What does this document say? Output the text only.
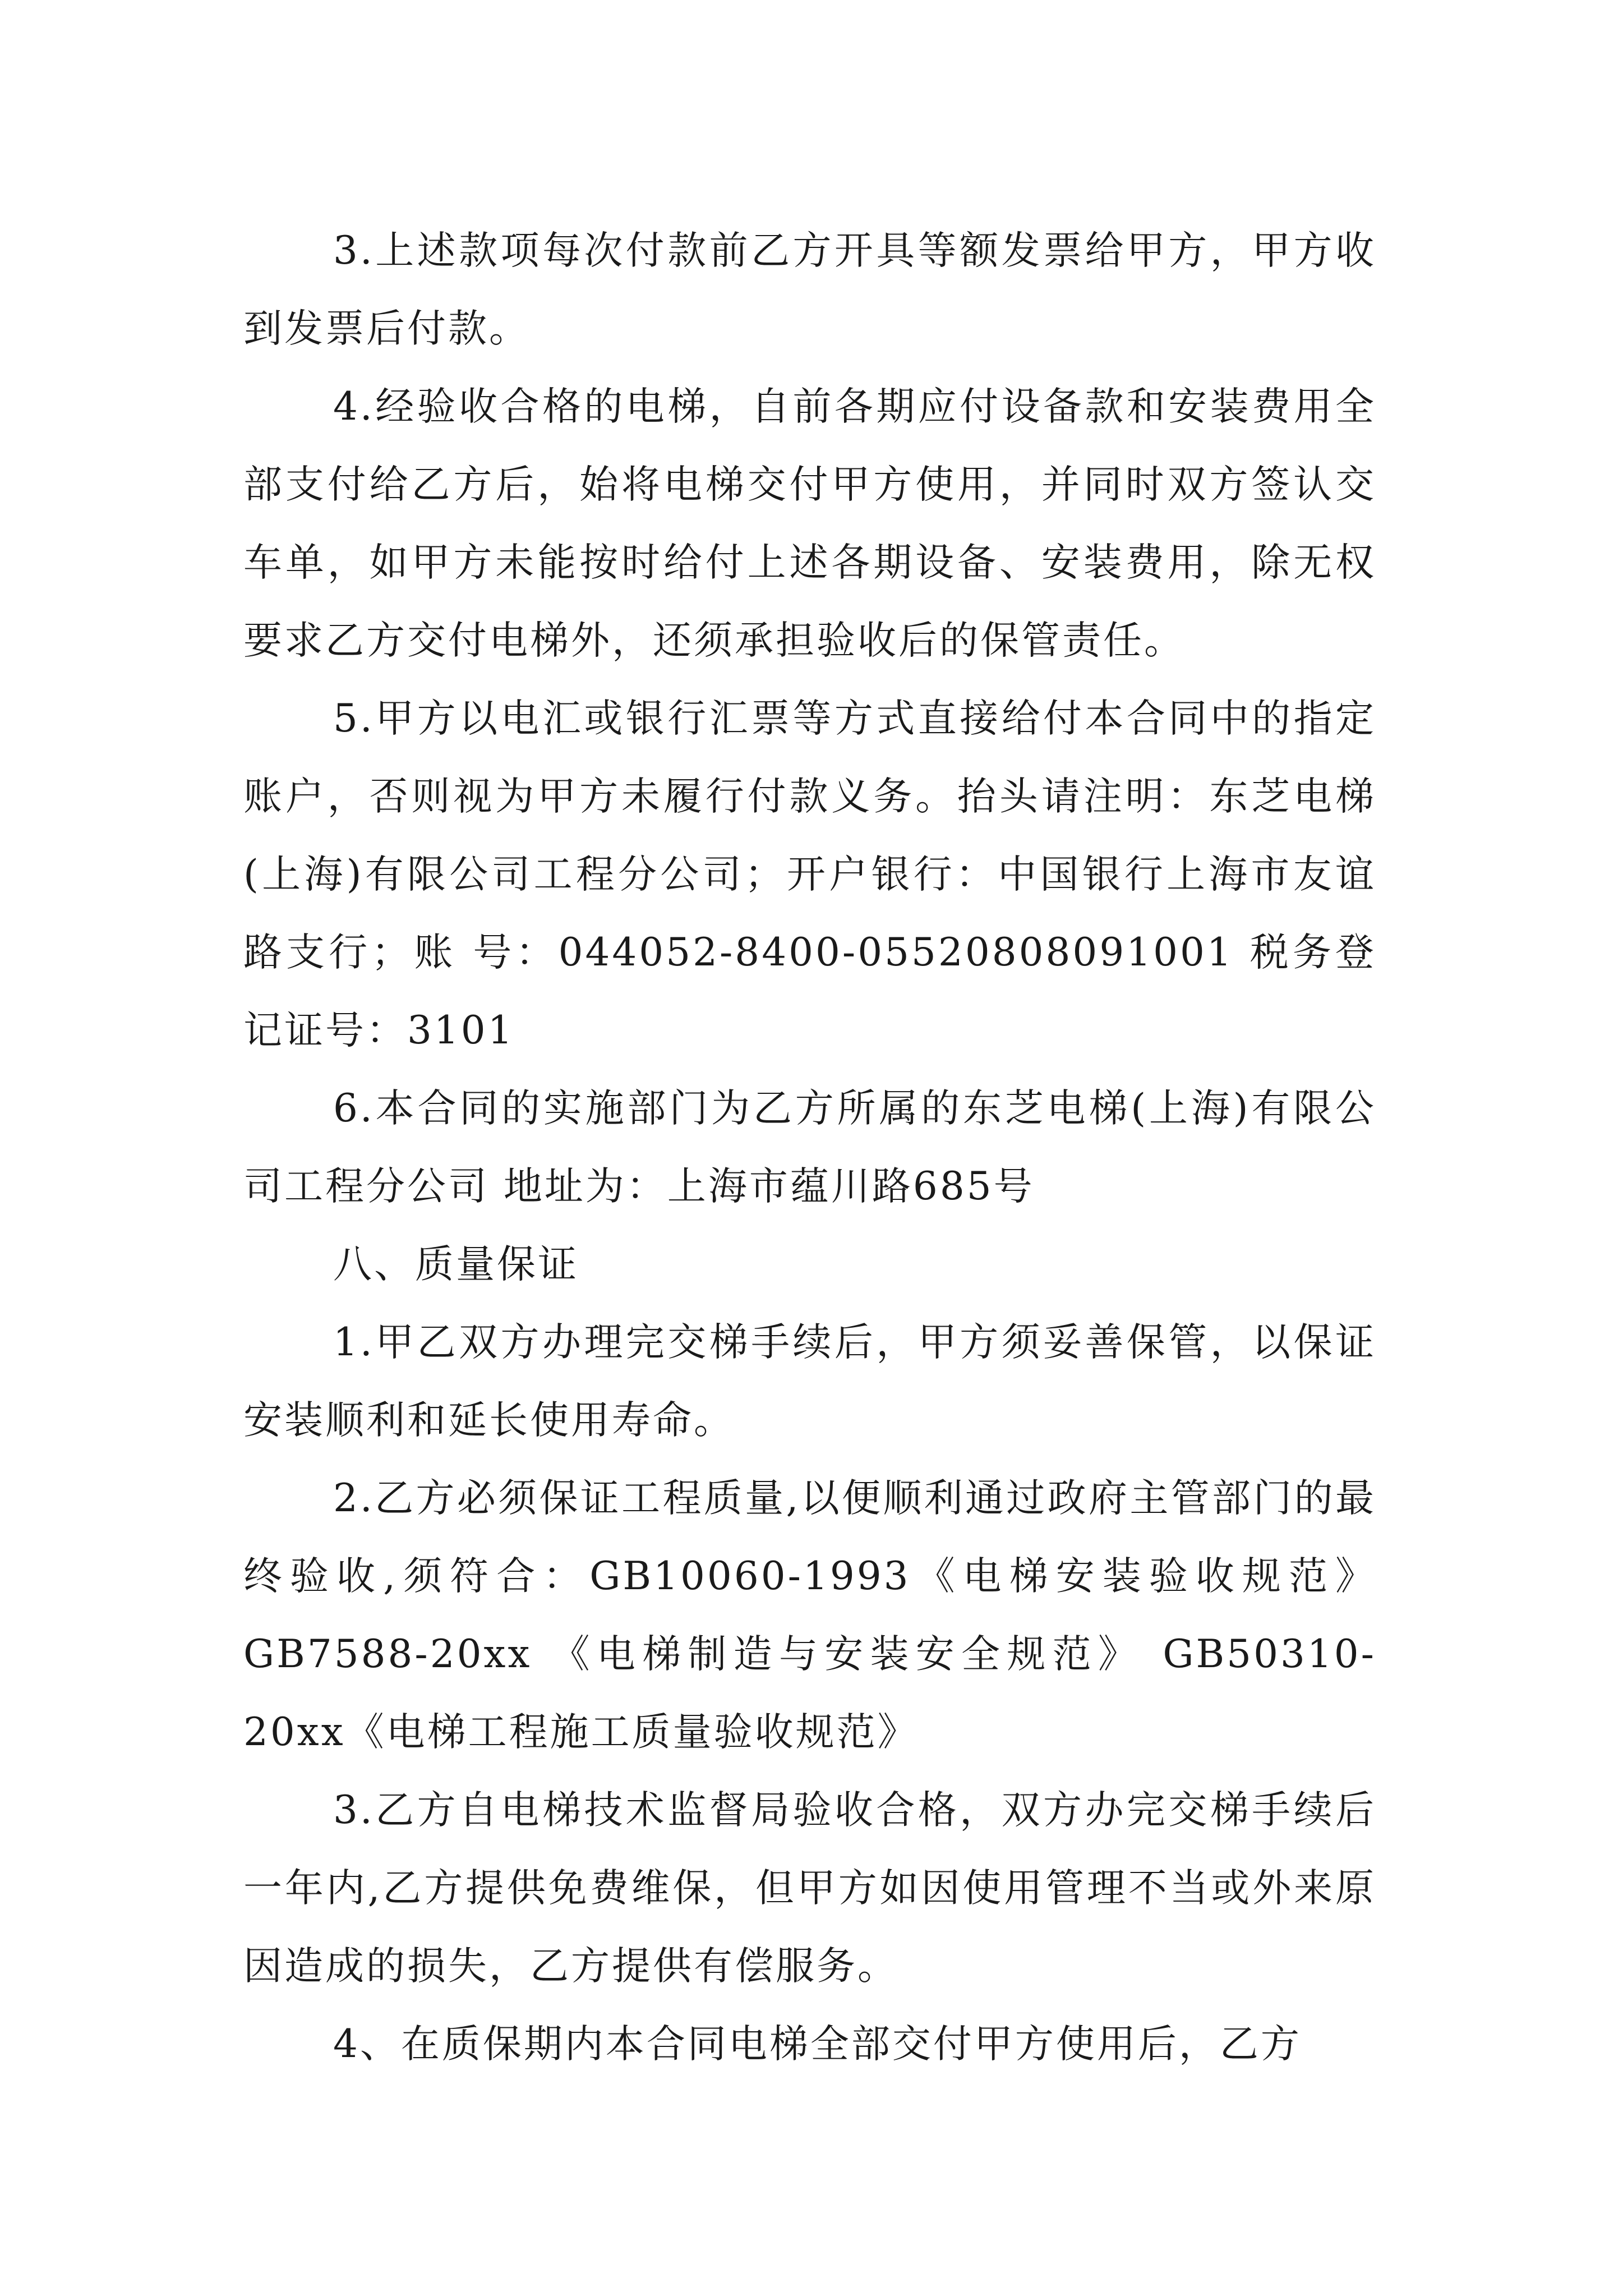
3.上述款项每次付款前乙方开具等额发票给甲方，甲方收到发票后付款。

4.经验收合格的电梯，自前各期应付设备款和安装费用全部支付给乙方后，始将电梯交付甲方使用，并同时双方签认交车单，如甲方未能按时给付上述各期设备、安装费用，除无权要求乙方交付电梯外，还须承担验收后的保管责任。

5.甲方以电汇或银行汇票等方式直接给付本合同中的指定账户，否则视为甲方未履行付款义务。抬头请注明：东芝电梯(上海)有限公司工程分公司；开户银行：中国银行上海市友谊路支行；账 号：044052-8400-05520808091001 税务登记证号：3101

6.本合同的实施部门为乙方所属的东芝电梯(上海)有限公司工程分公司 地址为：上海市蕴川路685号

八、质量保证

1.甲乙双方办理完交梯手续后，甲方须妥善保管，以保证安装顺利和延长使用寿命。

2.乙方必须保证工程质量,以便顺利通过政府主管部门的最终验收,须符合：GB10060-1993《电梯安装验收规范》GB7588-20xx 《电梯制造与安装安全规范》 GB50310-20xx《电梯工程施工质量验收规范》

3.乙方自电梯技术监督局验收合格，双方办完交梯手续后一年内,乙方提供免费维保，但甲方如因使用管理不当或外来原因造成的损失，乙方提供有偿服务。

4、在质保期内本合同电梯全部交付甲方使用后，乙方
